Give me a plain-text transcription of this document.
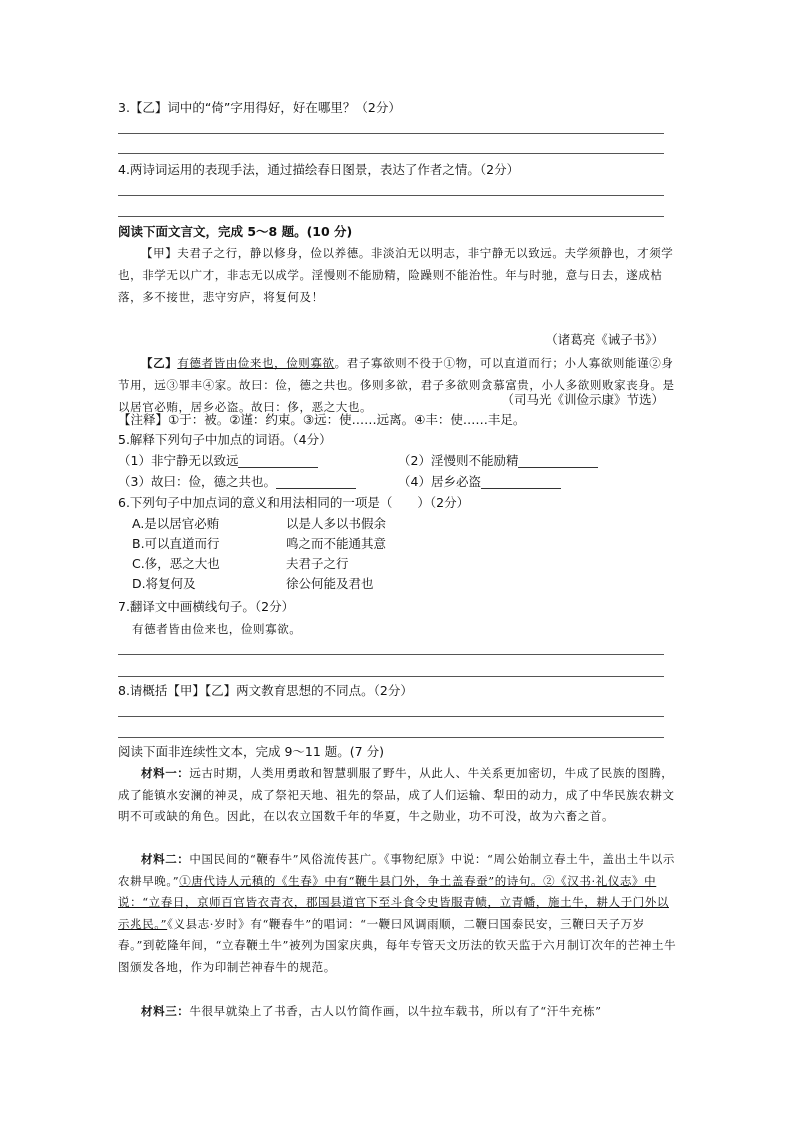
3.【乙】词中的“倚”字用得好，好在哪里？（2分）
4.两诗词运用的表现手法，通过描绘春日图景，表达了作者之情。（2分）
阅读下面文言文，完成 5～8 题。(10 分)

【甲】夫君子之行，静以修身，俭以养德。非淡泊无以明志，非宁静无以致远。夫学须静也，才须学也，非学无以广才，非志无以成学。淫慢则不能励精，险躁则不能治性。年与时驰，意与日去，遂成枯落，多不接世，悲守穷庐，将复何及！

（诸葛亮《诫子书》）

【乙】有德者皆由俭来也，俭则寡欲。君子寡欲则不役于①物，可以直道而行；小人寡欲则能谨②身节用，远③罪丰④家。故曰：俭，德之共也。侈则多欲，君子多欲则贪慕富贵，小人多欲则败家丧身。是以居官必贿，居乡必盗。故曰：侈，恶之大也。	（司马光《训俭示康》节选）
【注释】①于：被。②谨：约束。③远：使……远离。④丰：使……丰足。
5.解释下列句子中加点的词语。（4分）
（1）非宁静无以致远	（2）淫慢则不能励精
（3）故曰：俭，德之共也。	（4）居乡必盗
6.下列句子中加点词的意义和用法相同的一项是（　　）（2分）
A.是以居官必贿	以是人多以书假余
B.可以直道而行	鸣之而不能通其意
C.侈，恶之大也	夫君子之行
D.将复何及	徐公何能及君也
7.翻译文中画横线句子。（2分）
有德者皆由俭来也，俭则寡欲。
8.请概括【甲】【乙】两文教育思想的不同点。（2分）
阅读下面非连续性文本，完成 9～11 题。(7 分)

材料一：远古时期，人类用勇敢和智慧驯服了野牛，从此人、牛关系更加密切，牛成了民族的图腾，成了能镇水安澜的神灵，成了祭祀天地、祖先的祭品，成了人们运输、犁田的动力，成了中华民族农耕文明不可或缺的角色。因此，在以农立国数千年的华夏，牛之勋业，功不可没，故为六畜之首。

材料二：中国民间的“鞭春牛”风俗流传甚广。《事物纪原》中说：“周公始制立春土牛，盖出土牛以示农耕早晚。”①唐代诗人元稹的《生春》中有“鞭牛县门外，争土盖春蚕”的诗句。②《汉书·礼仪志》中说：“立春日，京师百官皆衣青衣，郡国县道官下至斗食令史皆服青帻，立青幡，施土牛，耕人于门外以示兆民。”《义县志·岁时》有“鞭春牛”的唱词：“一鞭曰风调雨顺，二鞭曰国泰民安，三鞭曰天子万岁春。”到乾隆年间，“立春鞭土牛”被列为国家庆典，每年专管天文历法的钦天监于六月制订次年的芒神土牛图颁发各地，作为印制芒神春牛的规范。

材料三：牛很早就染上了书香，古人以竹简作画，以牛拉车载书，所以有了“汗牛充栋”
